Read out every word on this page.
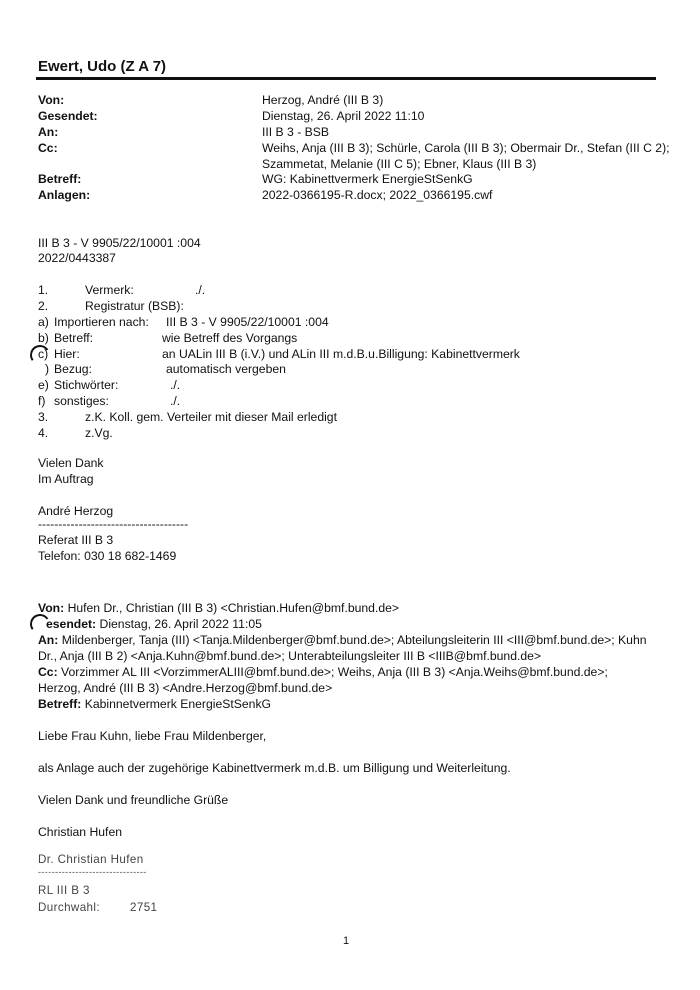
Ewert, Udo (Z A 7)
Von:	Herzog, André (III B 3)
Gesendet:	Dienstag, 26. April 2022 11:10
An:	III B 3 - BSB
Cc:	Weihs, Anja (III B 3); Schürle, Carola (III B 3); Obermair Dr., Stefan (III C 2);
Szammetat, Melanie (III C 5); Ebner, Klaus (III B 3)
Betreff:	WG: Kabinettvermerk EnergieStSenkG
Anlagen:	2022-0366195-R.docx; 2022_0366195.cwf
III B 3 - V 9905/22/10001 :004
2022/0443387
1.	Vermerk:	./.
2.	Registratur (BSB):
a) Importieren nach: III B 3 - V 9905/22/10001 :004
b) Betreff:	wie Betreff des Vorgangs
c) Hier:	an UALin III B (i.V.) und ALin III m.d.B.u.Billigung: Kabinettvermerk
) Bezug:	automatisch vergeben
e) Stichwörter:	./.
f) sonstiges:	./.
3.	z.K. Koll. gem. Verteiler mit dieser Mail erledigt
4.	z.Vg.
Vielen Dank
Im Auftrag
André Herzog
-------------------------------------
Referat III B 3
Telefon: 030 18 682-1469
Von: Hufen Dr., Christian (III B 3) <Christian.Hufen@bmf.bund.de>
esendet: Dienstag, 26. April 2022 11:05
An: Mildenberger, Tanja (III) <Tanja.Mildenberger@bmf.bund.de>; Abteilungsleiterin III <III@bmf.bund.de>; Kuhn Dr., Anja (III B 2) <Anja.Kuhn@bmf.bund.de>; Unterabteilungsleiter III B <IIIB@bmf.bund.de>
Cc: Vorzimmer AL III <VorzimmerALIII@bmf.bund.de>; Weihs, Anja (III B 3) <Anja.Weihs@bmf.bund.de>; Herzog, André (III B 3) <Andre.Herzog@bmf.bund.de>
Betreff: Kabinnetvermerk EnergieStSenkG
Liebe Frau Kuhn, liebe Frau Mildenberger,
als Anlage auch der zugehörige Kabinettvermerk m.d.B. um Billigung und Weiterleitung.
Vielen Dank und freundliche Grüße
Christian Hufen
Dr. Christian Hufen
--------------------------------
RL III B 3
Durchwahl:	2751
1
